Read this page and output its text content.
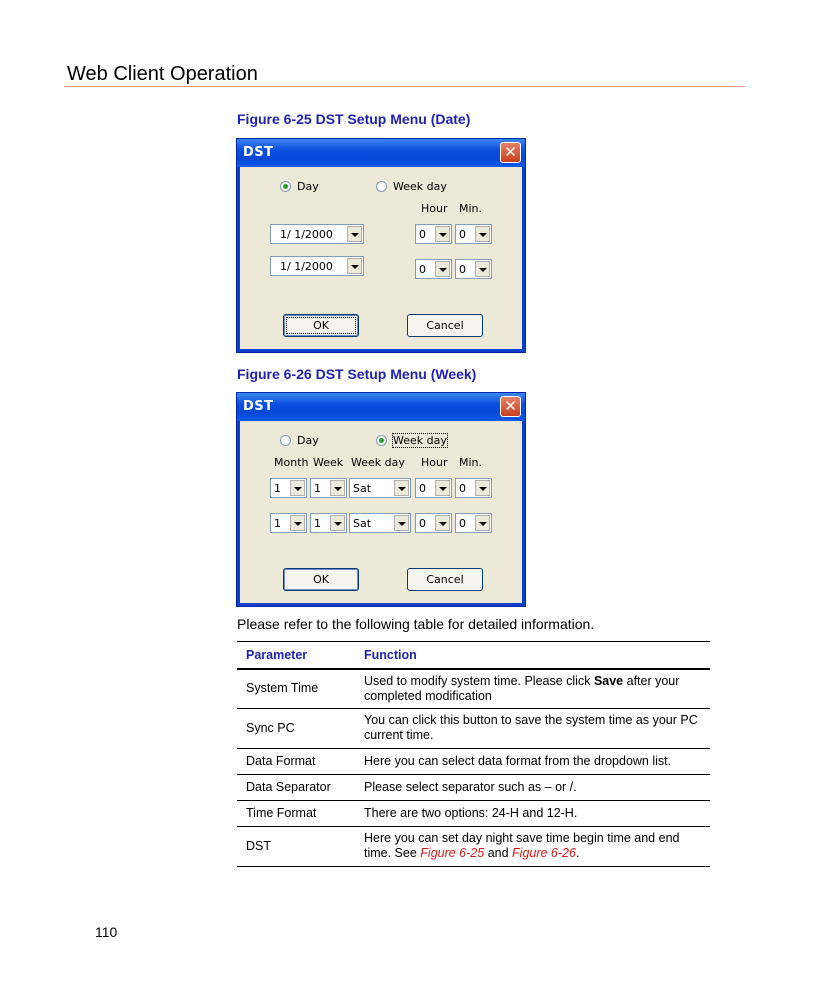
Web Client Operation
Figure 6-25 DST Setup Menu (Date)
DST	✕
Day	Week day
Hour Min.
1/ 1/2000	0	0
1/ 1/2000	0	0
OK	Cancel
Figure 6-26 DST Setup Menu (Week)
DST	✕
Day	Week day
Month Week Week day Hour Min.
1	1	Sat	0	0
1	1	Sat	0	0
OK	Cancel
Please refer to the following table for detailed information.
Parameter	Function
System Time	Used to modify system time. Please click Save after your completed modification
Sync PC	You can click this button to save the system time as your PC current time.
Data Format	Here you can select data format from the dropdown list.
Data Separator	Please select separator such as – or /.
Time Format	There are two options: 24-H and 12-H.
DST	Here you can set day night save time begin time and end time. See Figure 6-25 and Figure 6-26.
110
